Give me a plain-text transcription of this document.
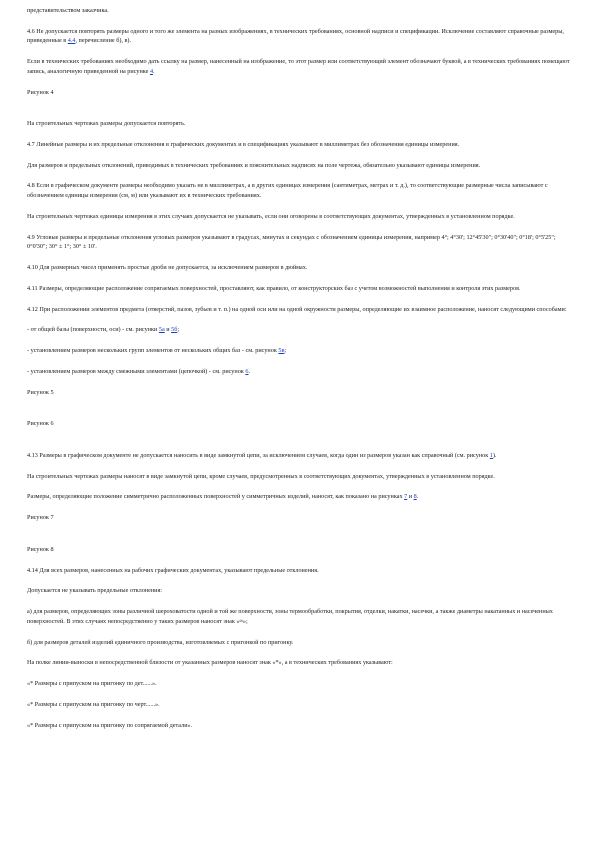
представительством заказчика.

4.6 Не допускается повторять размеры одного и того же элемента на разных изображениях, в технических требованиях, основной надписи и спецификации. Исключение составляют справочные размеры, приведенные в 4.4, перечисление б), в).

Если в технических требованиях необходимо дать ссылку на размер, нанесенный на изображение, то этот размер или соответствующий элемент обозначают буквой, а в технических требованиях помещают запись, аналогичную приведенной на рисунке 4.

Рисунок 4

На строительных чертежах размеры допускается повторять.

4.7 Линейные размеры и их предельные отклонения в графических документах и в спецификациях указывают в миллиметрах без обозначения единицы измерения.

Для размеров и предельных отклонений, приводимых в технических требованиях и пояснительных надписях на поле чертежа, обязательно указывают единицы измерения.

4.8 Если в графическом документе размеры необходимо указать не в миллиметрах, а в других единицах измерения (сантиметрах, метрах и т. д.), то соответствующие размерные числа записывают с обозначением единицы измерения (см, м) или указывают их в технических требованиях.

На строительных чертежах единицы измерения в этих случаях допускается не указывать, если они оговорены в соответствующих документах, утвержденных в установленном порядке.

4.9 Угловые размеры и предельные отклонения угловых размеров указывают в градусах, минутах и секундах с обозначением единицы измерения, например 4°; 4°30'; 12°45'30"; 0°30'40"; 0°18'; 0°5'25"; 0°0'30"; 30° ± 1°; 30° ± 10'.

4.10 Для размерных чисел применять простые дроби не допускается, за исключением размеров в дюймах.

4.11 Размеры, определяющие расположение сопрягаемых поверхностей, проставляют, как правило, от конструкторских баз с учетом возможностей выполнения и контроля этих размеров.

4.12 При расположении элементов предмета (отверстий, пазов, зубьев и т. п.) на одной оси или на одной окружности размеры, определяющие их взаимное расположение, наносят следующими способами:

- от общей базы (поверхности, оси) - см. рисунки 5а и 5б;

- установлением размеров нескольких групп элементов от нескольких общих баз - см. рисунок 5в;

- установлением размеров между смежными элементами (цепочкой) - см. рисунок 6.

Рисунок 5

Рисунок 6

4.13 Размеры в графическом документе не допускается наносить в виде замкнутой цепи, за исключением случаев, когда один из размеров указан как справочный (см. рисунок 1).

На строительных чертежах размеры наносят в виде замкнутой цепи, кроме случаев, предусмотренных в соответствующих документах, утвержденных в установленном порядке.

Размеры, определяющие положение симметрично расположенных поверхностей у симметричных изделий, наносят, как показано на рисунках 7 и 8.

Рисунок 7

Рисунок 8

4.14 Для всех размеров, нанесенных на рабочих графических документах, указывают предельные отклонения.

Допускается не указывать предельные отклонения:

а) для размеров, определяющих зоны различной шероховатости одной и той же поверхности, зоны термообработки, покрытия, отделки, накатки, насечки, а также диаметры накатанных и насеченных поверхностей. В этих случаях непосредственно у таких размеров наносят знак «≈»;

б) для размеров деталей изделий единичного производства, изготовляемых с пригонкой по пригонку.

На полке линии-выноски в непосредственной близости от указанных размеров наносят знак «*», а в технических требованиях указывают:

«* Размеры с припуском на пригонку по дет......».

«* Размеры с припуском на пригонку по черт......».

«* Размеры с припуском на пригонку по сопрягаемой детали».
